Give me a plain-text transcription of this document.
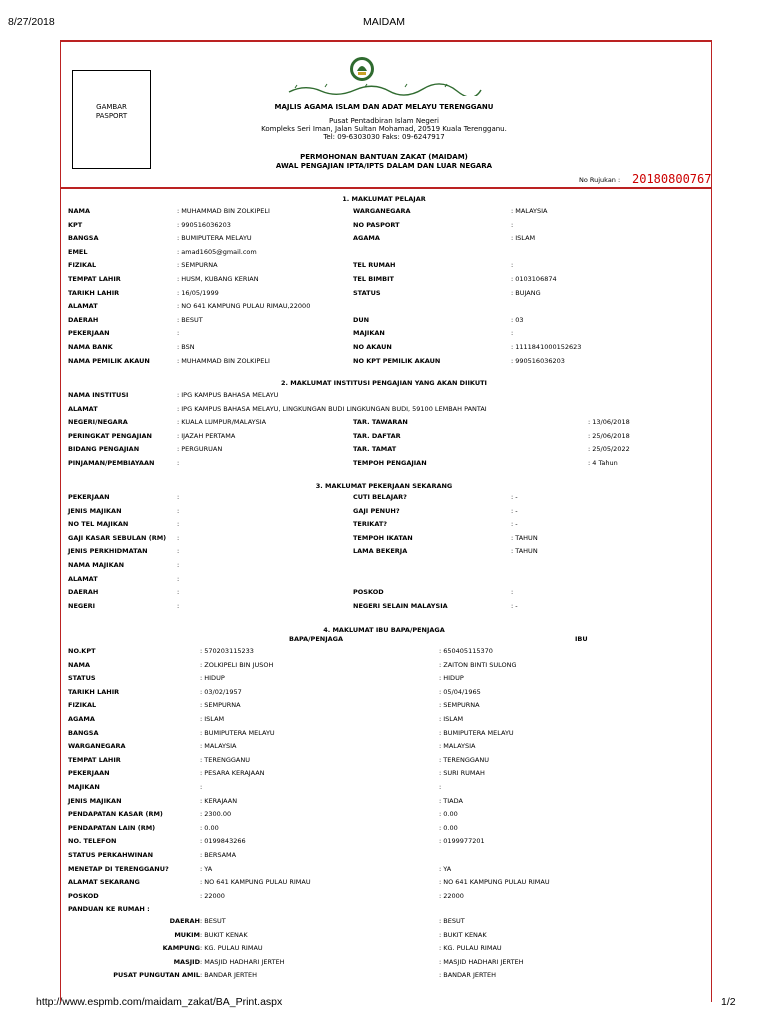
8/27/2018	MAIDAM
http://www.espmb.com/maidam_zakat/BA_Print.aspx	1/2
GAMBAR
PASPORT
MAJLIS AGAMA ISLAM DAN ADAT MELAYU TERENGGANU
Pusat Pentadbiran Islam Negeri
Kompleks Seri Iman, Jalan Sultan Mohamad, 20519 Kuala Terengganu.
Tel: 09-6303030 Faks: 09-6247917
PERMOHONAN BANTUAN ZAKAT (MAIDAM)
AWAL PENGAJIAN IPTA/IPTS DALAM DAN LUAR NEGARA
No Rujukan : 20180800767
1. MAKLUMAT PELAJAR
NAMA	: MUHAMMAD BIN ZOLKIPELI	WARGANEGARA	: MALAYSIA
KPT	: 990516036203	NO PASPORT	:
BANGSA	: BUMIPUTERA MELAYU	AGAMA	: ISLAM
EMEL	: amad1605@gmail.com
FIZIKAL	: SEMPURNA	TEL RUMAH	:
TEMPAT LAHIR	: HUSM, KUBANG KERIAN	TEL BIMBIT	: 0103106874
TARIKH LAHIR	: 16/05/1999	STATUS	: BUJANG
ALAMAT	: NO 641 KAMPUNG PULAU RIMAU,22000
DAERAH	: BESUT	DUN	: 03
PEKERJAAN	:	MAJIKAN	:
NAMA BANK	: BSN	NO AKAUN	: 1111841000152623
NAMA PEMILIK AKAUN	: MUHAMMAD BIN ZOLKIPELI	NO KPT PEMILIK AKAUN	: 990516036203
2. MAKLUMAT INSTITUSI PENGAJIAN YANG AKAN DIIKUTI
NAMA INSTITUSI	: IPG KAMPUS BAHASA MELAYU
ALAMAT	: IPG KAMPUS BAHASA MELAYU, LINGKUNGAN BUDI LINGKUNGAN BUDI, 59100 LEMBAH PANTAI
NEGERI/NEGARA	: KUALA LUMPUR/MALAYSIA	TAR. TAWARAN	: 13/06/2018
PERINGKAT PENGAJIAN	: IJAZAH PERTAMA	TAR. DAFTAR	: 25/06/2018
BIDANG PENGAJIAN	: PERGURUAN	TAR. TAMAT	: 25/05/2022
PINJAMAN/PEMBIAYAAN	:	TEMPOH PENGAJIAN	: 4 Tahun
3. MAKLUMAT PEKERJAAN SEKARANG
PEKERJAAN	:	CUTI BELAJAR?	: -
JENIS MAJIKAN	:	GAJI PENUH?	: -
NO TEL MAJIKAN	:	TERIKAT?	: -
GAJI KASAR SEBULAN (RM) :	TEMPOH IKATAN	: TAHUN
JENIS PERKHIDMATAN	:	LAMA BEKERJA	: TAHUN
NAMA MAJIKAN	:
ALAMAT	:
DAERAH	:	POSKOD	:
NEGERI	:	NEGERI SELAIN MALAYSIA	: -
4. MAKLUMAT IBU BAPA/PENJAGA
BAPA/PENJAGA	IBU
NO.KPT	: 570203115233	: 650405115370
NAMA	: ZOLKIPELI BIN JUSOH	: ZAITON BINTI SULONG
STATUS	: HIDUP	: HIDUP
TARIKH LAHIR	: 03/02/1957	: 05/04/1965
FIZIKAL	: SEMPURNA	: SEMPURNA
AGAMA	: ISLAM	: ISLAM
BANGSA	: BUMIPUTERA MELAYU	: BUMIPUTERA MELAYU
WARGANEGARA	: MALAYSIA	: MALAYSIA
TEMPAT LAHIR	: TERENGGANU	: TERENGGANU
PEKERJAAN	: PESARA KERAJAAN	: SURI RUMAH
MAJIKAN	:	:
JENIS MAJIKAN	: KERAJAAN	: TIADA
PENDAPATAN KASAR (RM)	: 2300.00	: 0.00
PENDAPATAN LAIN (RM)	: 0.00	: 0.00
NO. TELEFON	: 0199843266	: 0199977201
STATUS PERKAHWINAN	: BERSAMA
MENETAP DI TERENGGANU?	: YA	: YA
ALAMAT SEKARANG	: NO 641 KAMPUNG PULAU RIMAU	: NO 641 KAMPUNG PULAU RIMAU
POSKOD	: 22000	: 22000
PANDUAN KE RUMAH :
DAERAH : BESUT	: BESUT
MUKIM : BUKIT KENAK	: BUKIT KENAK
KAMPUNG : KG. PULAU RIMAU	: KG. PULAU RIMAU
MASJID : MASJID HADHARI JERTEH	: MASJID HADHARI JERTEH
PUSAT PUNGUTAN AMIL : BANDAR JERTEH	: BANDAR JERTEH
